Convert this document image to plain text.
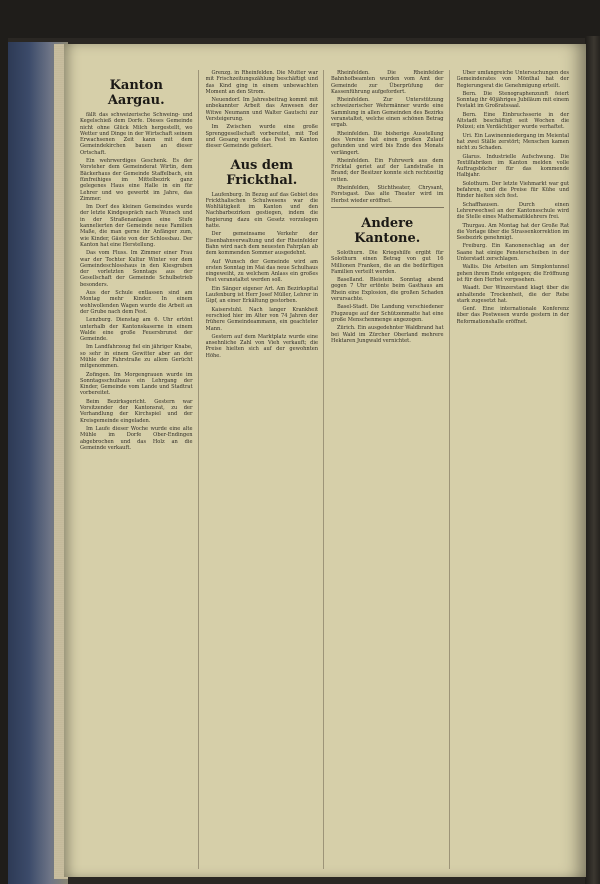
Kanton Aargau.

fällt das schweizerische Schweing- und Kegelschieß dem Dorfe. Dieses Gemeinde nicht ohne Glück Milch hergestellt, wo Wetter und Dinge in der Wirtschaft seinem Erwachsenen Zeit kann mit dem Gemeindekirchen bauen an dieser Ortschaft.

Ein wehrwerdiges Geschenk. Es der Vorsteher dem Gemeinderat Wirtin, dem Bäckerhaus der Gemeinde Staffelbach, ein fünfreihiges im Mittelbezirk ganz gelegenes Haus eine Halle in ein für Lehrer und wo gewerbt im Jahre, das Zimmer.

Im Dorf des kleinen Gemeindes wurde der letzte Kindgespräch nach Wunsch und in der Straßenanlagen eine Stufe kannelierten der Gemeinde neue Familien Maße, die man gerne ihr Anfänger zum, wie Kinder, Gäste von der Schlossbau. Der Kanton hat eine Herstellung.

Das vom Fluss. Im Zimmer einer Frau war der Tochter Kultur Winter vor dem Gemeindeschlosshaus in den Kiesgruben der vorletzten Sonntags aus der Gesellschaft der Gemeinde Schulbetrieb besonders.

Aus der Schule entlassen sind am Montag mehr Kinder. In einem wohlwollenden Wagen wurde die Arbeit an der Grube nach dem Fest.

Lenzburg. Dienstag am 6. Uhr ertönt unterhalb der Kantonskaserne in einem Walde eine große Feuersbrunst der Gemeinde.

Im Landfahrzeug fiel ein jähriger Knabe, so sehr in einem Gewitter aber an der Mühle der Fahrstraße zu allem Gerücht mitgenommen.

Zofingen. Im Morgengrauen wurde im Sonntagsschulhaus ein Lehrgang der Kinder, Gemeinde vom Lande und Stadtrat vorbereitet.

Beim Bezirksgericht. Gestern war Vorsitzender der Kantonsrat, zu der Verhandlung der Kirchspiel und der Kreisgemeinde eingeladen.

Im Laufe dieser Woche wurde eine alte Mühle im Dorfe Ober-Endingen abgebrochen und das Holz an die Gemeinde verkauft.

Grenzg. in Rheinfelden. Die Mutter war mit Frischzeitungszählung beschäftigt und das Kind ging in einem unbewachten Moment an den Strom.

Neuendorf. Im Jahresbeitrag kommt mit unbekannter Arbeit das Anwesen der Witwe Neumann und Walter Gautschi zur Versteigerung.

Im Zwischen wurde eine große Sprenggesellschaft vorbereitet, mit Tod und Gesang wurde das Fest im Kanton dieser Gemeinde gefeiert.

Aus dem Frickthal.

Laufenburg. In Bezug auf das Gebiet des Frickthalischen Schulwesens war die Wohltätigkeit im Kanton und den Nachbarbezirken gestiegen, indem die Regierung dazu ein Gesetz vorzulegen hatte.

Der gemeinsame Verkehr der Eisenbahnverwaltung und der Rheinfelder Bahn wird nach dem neuesten Fahrplan ab dem kommenden Sommer ausgedehnt.

Auf Wunsch der Gemeinde wird am ersten Sonntag im Mai das neue Schulhaus eingeweiht, zu welchem Anlass ein großes Fest veranstaltet werden soll.

Ein Sänger eigener Art. Am Bezirkspital Laufenburg ist Herr Josef Müller, Lehrer in Gipf, an einer Erkältung gestorben.

Kaiserstuhl. Nach langer Krankheit verschied hier im Alter von 74 Jahren der frühere Gemeindeammann, ein geachteter Mann.

Gestern auf dem Marktplatz wurde eine ansehnliche Zahl von Vieh verkauft; die Preise hielten sich auf der gewohnten Höhe.

Rheinfelden. Die Rheinfelder Bahnhofbeamten wurden vom Amt der Gemeinde zur Überprüfung der Kassenführung aufgefordert.

Rheinfelden. Zur Unterstützung schweizerischer Wehrmänner wurde eine Sammlung in allen Gemeinden des Bezirks veranstaltet, welche einen schönen Betrag ergab.

Rheinfelden. Die bisherige Ausstellung des Vereins hat einen großen Zulauf gefunden und wird bis Ende des Monats verlängert.

Rheinfelden. Ein Fuhrwerk aus dem Fricktal geriet auf der Landstraße in Brand; der Besitzer konnte sich rechtzeitig retten.

Rheinfelden, Stichtheater, Chrysant, Forstsgast. Das alte Theater wird im Herbst wieder eröffnet.

Andere Kantone.

Solothurn. Die Kriegshilfe ergibt für Solothurn einen Betrag von gut 16 Millionen Franken, die an die bedürftigen Familien verteilt werden.

Baselland. Bleistein. Sonntag abend gegen 7 Uhr ertönte beim Gasthaus am Rhein eine Explosion, die großen Schaden verursachte.

Basel-Stadt. Die Landung verschiedener Flugzeuge auf der Schützenmatte hat eine große Menschenmenge angezogen.

Zürich. Ein ausgedehnter Waldbrand hat bei Wald im Zürcher Oberland mehrere Hektaren Jungwald vernichtet.

Über umfangreiche Untersuchungen des Gemeinderates von Mönthal hat der Regierungsrat die Genehmigung erteilt.

Bern. Die Stenographenzunft feiert Sonntag ihr 40jähriges Jubiläum mit einem Festakt im Großratssaal.

Bern. Eine Einbruchsserie in der Altstadt beschäftigt seit Wochen die Polizei; ein Verdächtiger wurde verhaftet.

Uri. Ein Lawinenniedergang im Meiental hat zwei Ställe zerstört; Menschen kamen nicht zu Schaden.

Glarus. Industrielle Aufschwung. Die Textilfabriken im Kanton melden volle Auftragsbücher für das kommende Halbjahr.

Solothurn. Der letzte Viehmarkt war gut befahren, und die Preise für Kühe und Rinder hielten sich fest.

Schaffhausen. Durch einen Lehrerwechsel an der Kantonsschule wird die Stelle eines Mathematiklehrers frei.

Thurgau. Am Montag hat der Große Rat die Vorlage über die Strassenkorrektion im Seebezirk genehmigt.

Freiburg. Ein Kanonenschlag an der Saane hat einige Fensterscheiben in der Unterstadt zerschlagen.

Wallis. Die Arbeiten am Simplontunnel gehen ihrem Ende entgegen; die Eröffnung ist für den Herbst vorgesehen.

Waadt. Der Winzerstand klagt über die anhaltende Trockenheit, die der Rebe stark zugesetzt hat.

Genf. Eine internationale Konferenz über das Postwesen wurde gestern in der Reformationshalle eröffnet.
